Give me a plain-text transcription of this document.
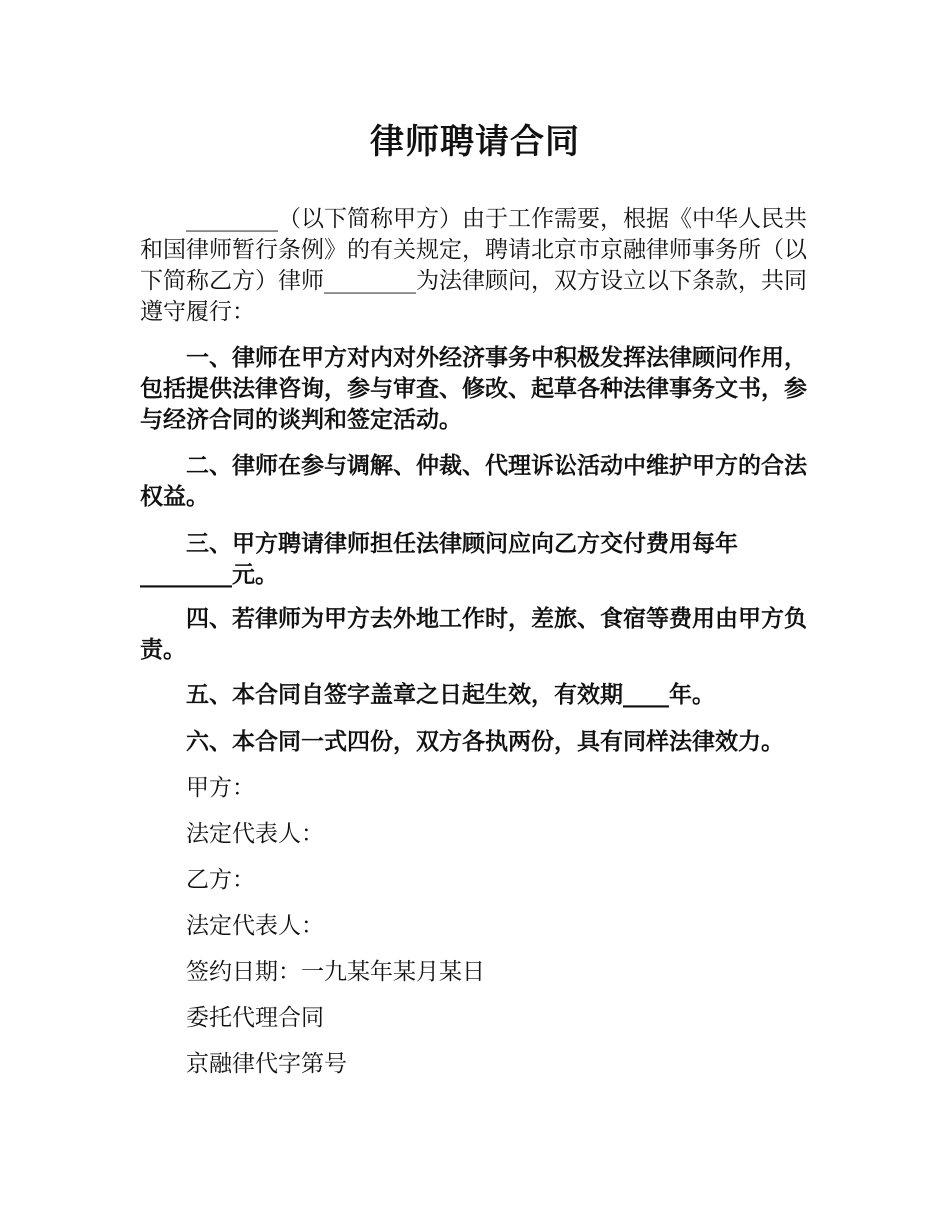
律师聘请合同

________（以下简称甲方）由于工作需要，根据《中华人民共和国律师暂行条例》的有关规定，聘请北京市京融律师事务所（以下简称乙方）律师________为法律顾问，双方设立以下条款，共同遵守履行：

一、律师在甲方对内对外经济事务中积极发挥法律顾问作用，包括提供法律咨询，参与审查、修改、起草各种法律事务文书，参与经济合同的谈判和签定活动。

二、律师在参与调解、仲裁、代理诉讼活动中维护甲方的合法权益。

三、甲方聘请律师担任法律顾问应向乙方交付费用每年________元。

四、若律师为甲方去外地工作时，差旅、食宿等费用由甲方负责。

五、本合同自签字盖章之日起生效，有效期____年。

六、本合同一式四份，双方各执两份，具有同样法律效力。

甲方：

法定代表人：

乙方：

法定代表人：

签约日期：一九某年某月某日

委托代理合同

京融律代字第号
